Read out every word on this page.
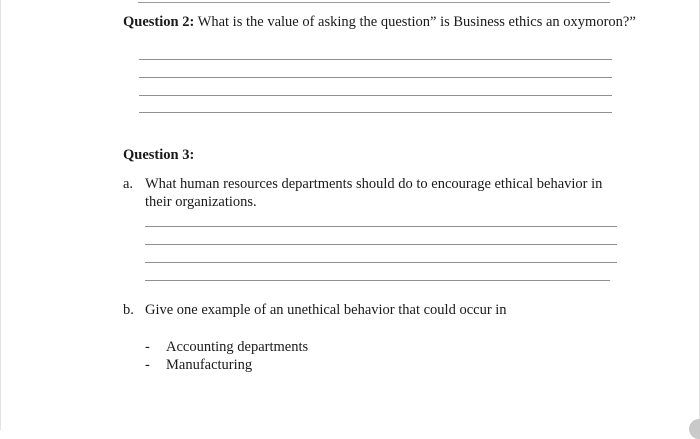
Question 2: What is the value of asking the question” is Business ethics an oxymoron?”
Question 3:
a. What human resources departments should do to encourage ethical behavior in their organizations.
b. Give one example of an unethical behavior that could occur in
- Accounting departments
- Manufacturing
